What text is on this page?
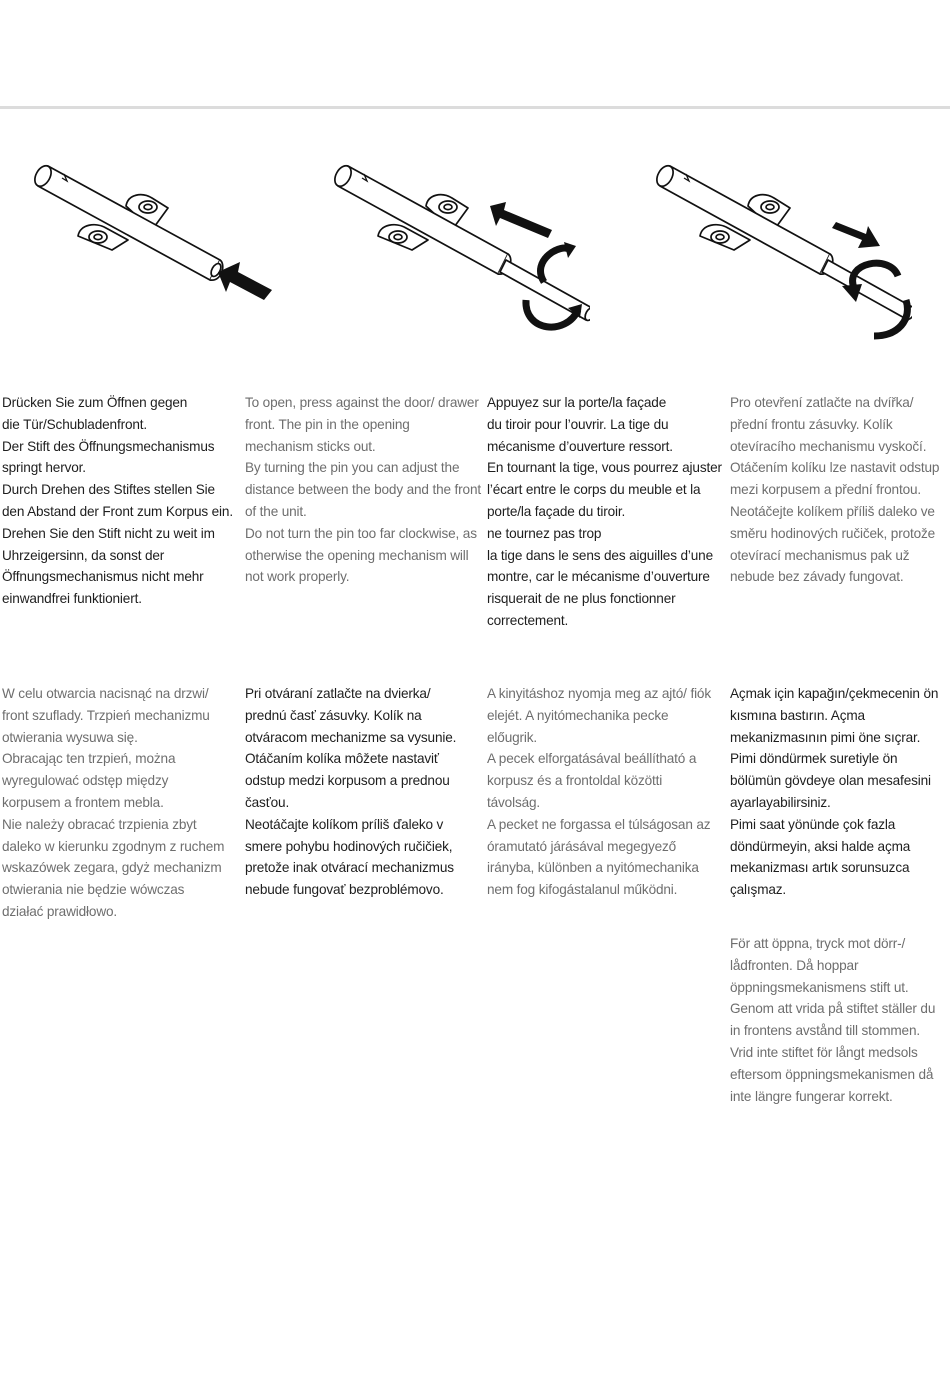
Drücken Sie zum Öffnen gegen
die Tür/Schubladenfront.
Der Stift des Öffnungsmechanismus springt hervor.
Durch Drehen des Stiftes stellen Sie den Abstand der Front zum Korpus ein.
Drehen Sie den Stift nicht zu weit im Uhrzeigersinn, da sonst der Öffnungsmechanismus nicht mehr einwandfrei funktioniert.
To open, press against the door/ drawer front. The pin in the opening mechanism sticks out.
By turning the pin you can adjust the distance between the body and the front of the unit.
Do not turn the pin too far clockwise, as otherwise the opening mechanism will not work properly.
Appuyez sur la porte/la façade
du tiroir pour l’ouvrir. La tige du mécanisme d’ouverture ressort.
En tournant la tige, vous pourrez ajuster l’écart entre le corps du meuble et la porte/la façade du tiroir.
ne tournez pas trop
la tige dans le sens des aiguilles d’une montre, car le mécanisme d’ouverture risquerait de ne plus fonctionner correctement.
Pro otevření zatlačte na dvířka/ přední frontu zásuvky. Kolík otevíracího mechanismu vyskočí.
Otáčením kolíku lze nastavit odstup mezi korpusem a přední frontou.
Neotáčejte kolíkem příliš daleko ve směru hodinových ručiček, protože otevírací mechanismus pak už nebude bez závady fungovat.
W celu otwarcia nacisnąć na drzwi/ front szuflady. Trzpień mechanizmu otwierania wysuwa się.
Obracając ten trzpień, można wyregulować odstęp między korpusem a frontem mebla.
Nie należy obracać trzpienia zbyt daleko w kierunku zgodnym z ruchem wskazówek zegara, gdyż mechanizm otwierania nie będzie wówczas działać prawidłowo.
Pri otváraní zatlačte na dvierka/ prednú časť zásuvky. Kolík na otváracom mechanizme sa vysunie.
Otáčaním kolíka môžete nastaviť odstup medzi korpusom a prednou časťou.
Neotáčajte kolíkom príliš ďaleko v smere pohybu hodinových ručičiek, pretože inak otvárací mechanizmus nebude fungovať bezproblémovo.
A kinyitáshoz nyomja meg az ajtó/ fiók elejét. A nyitómechanika pecke előugrik.
A pecek elforgatásával beállítható a korpusz és a frontoldal közötti távolság.
A pecket ne forgassa el túlságosan az óramutató járásával megegyező irányba, különben a nyitómechanika nem fog kifogástalanul működni.
Açmak için kapağın/çekmecenin ön kısmına bastırın. Açma mekanizmasının pimi öne sıçrar.
Pimi döndürmek suretiyle ön bölümün gövdeye olan mesafesini ayarlayabilirsiniz.
Pimi saat yönünde çok fazla döndürmeyin, aksi halde açma mekanizması artık sorunsuzca çalışmaz.
För att öppna, tryck mot dörr-/ lådfronten. Då hoppar öppningsmekanismens stift ut.
Genom att vrida på stiftet ställer du in frontens avstånd till stommen.
Vrid inte stiftet för långt medsols eftersom öppningsmekanismen då inte längre fungerar korrekt.
